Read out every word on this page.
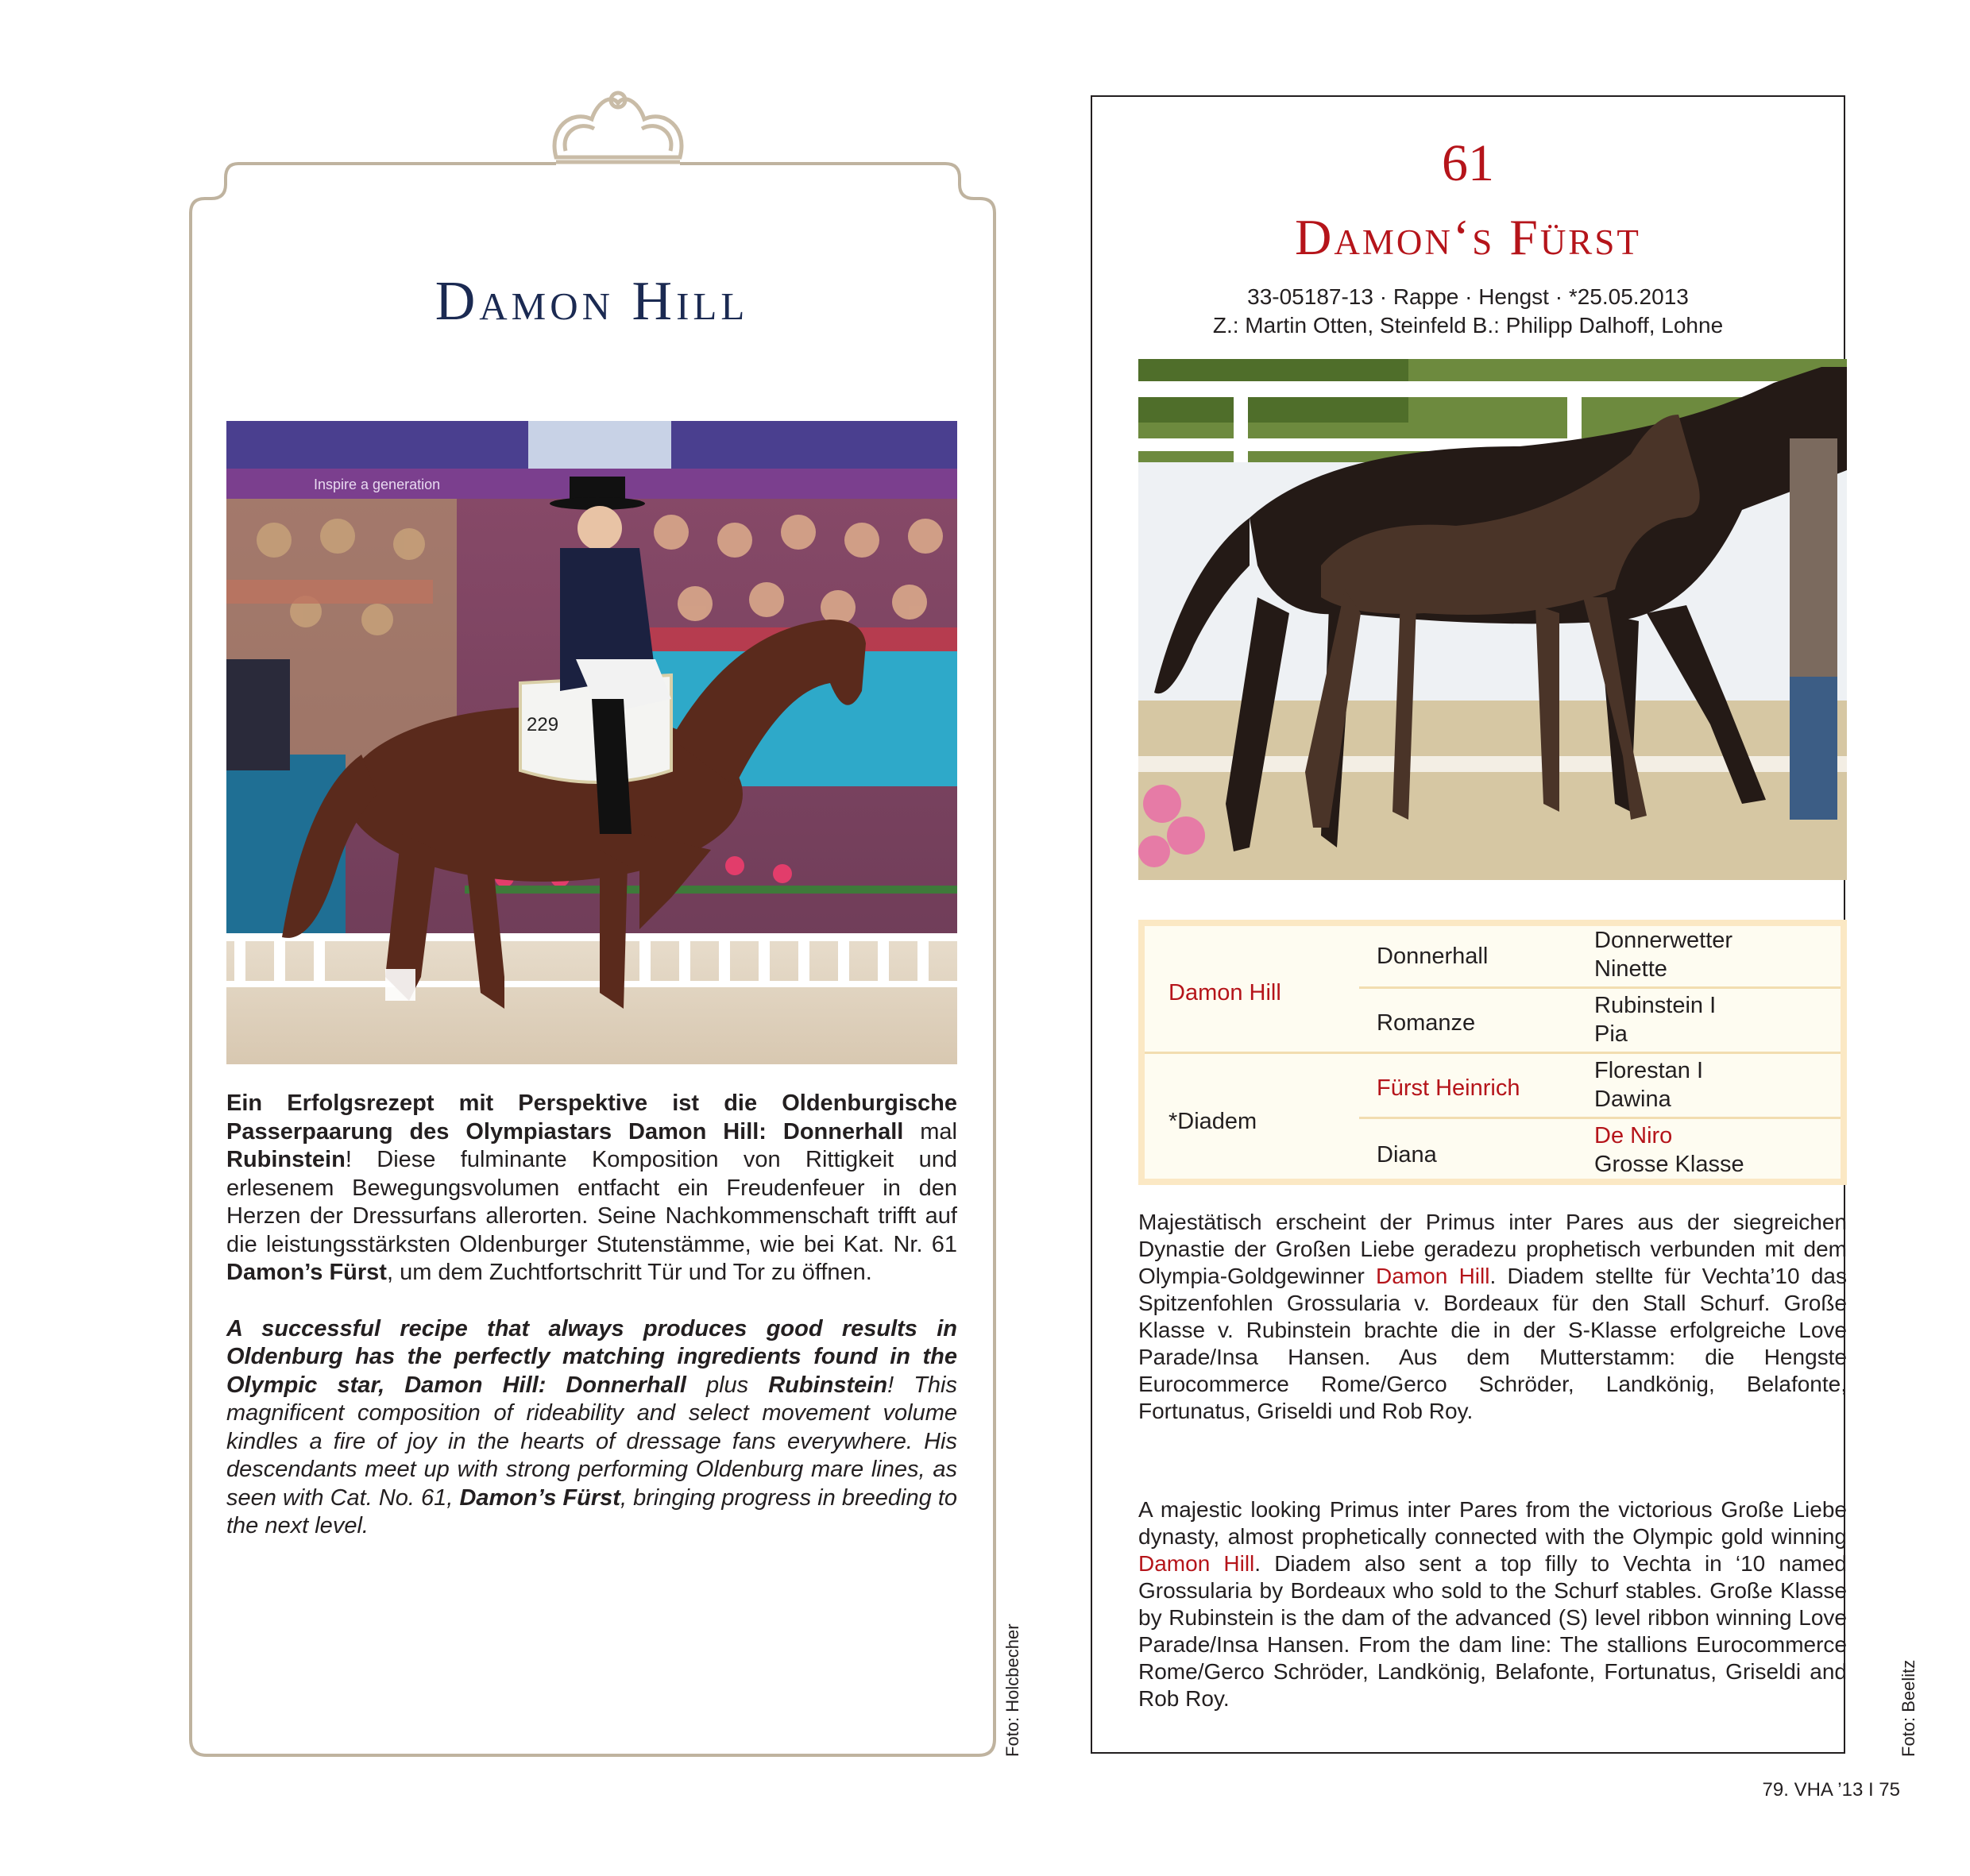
Damon Hill
Inspire a generation
229

Ein Erfolgsrezept mit Perspektive ist die Oldenburgische Passerpaarung des Olympiastars Damon Hill: Donnerhall mal Rubinstein! Diese fulminante Komposition von Rittigkeit und erlesenem Bewegungsvolumen entfacht ein Freudenfeuer in den Herzen der Dressurfans allerorten. Seine Nachkommenschaft trifft auf die leistungsstärksten Oldenburger Stutenstämme, wie bei Kat. Nr. 61 Damon’s Fürst, um dem Zuchtfortschritt Tür und Tor zu öffnen.

A successful recipe that always produces good results in Oldenburg has the perfectly matching ingredients found in the Olympic star, Damon Hill: Donnerhall plus Rubinstein! This magnificent composition of rideability and select movement volume kindles a fire of joy in the hearts of dressage fans everywhere. His descendants meet up with strong performing Oldenburg mare lines, as seen with Cat. No. 61, Damon’s Fürst, bringing progress in breeding to the next level.

Foto: Holcbecher
61
Damon‘s Fürst
33-05187-13 · Rappe · Hengst · *25.05.2013
Z.: Martin Otten, Steinfeld B.: Philipp Dalhoff, Lohne
Damon Hill
*Diadem
Donnerhall
Romanze
Fürst Heinrich
Diana
Donnerwetter
Ninette
Rubinstein I
Pia
Florestan I
Dawina
De Niro
Grosse Klasse

Majestätisch erscheint der Primus inter Pares aus der siegreichen Dynastie der Großen Liebe geradezu prophetisch verbunden mit dem Olympia-Goldgewinner Damon Hill. Diadem stellte für Vechta’10 das Spitzenfohlen Grossularia v. Bordeaux für den Stall Schurf. Große Klasse v. Rubinstein brachte die in der S-Klasse erfolgreiche Love Parade/Insa Hansen. Aus dem Mutterstamm: die Hengste Eurocommerce Rome/Gerco Schröder, Landkönig, Belafonte, Fortunatus, Griseldi und Rob Roy.

A majestic looking Primus inter Pares from the victorious Große Liebe dynasty, almost prophetically connected with the Olympic gold winning Damon Hill. Diadem also sent a top filly to Vechta in ‘10 named Grossularia by Bordeaux who sold to the Schurf stables. Große Klasse by Rubinstein is the dam of the advanced (S) level ribbon winning Love Parade/Insa Hansen. From the dam line: The stallions Eurocommerce Rome/Gerco Schröder, Landkönig, Belafonte, Fortunatus, Griseldi and Rob Roy.	Foto: Beelitz
79. VHA ’13 I 75
